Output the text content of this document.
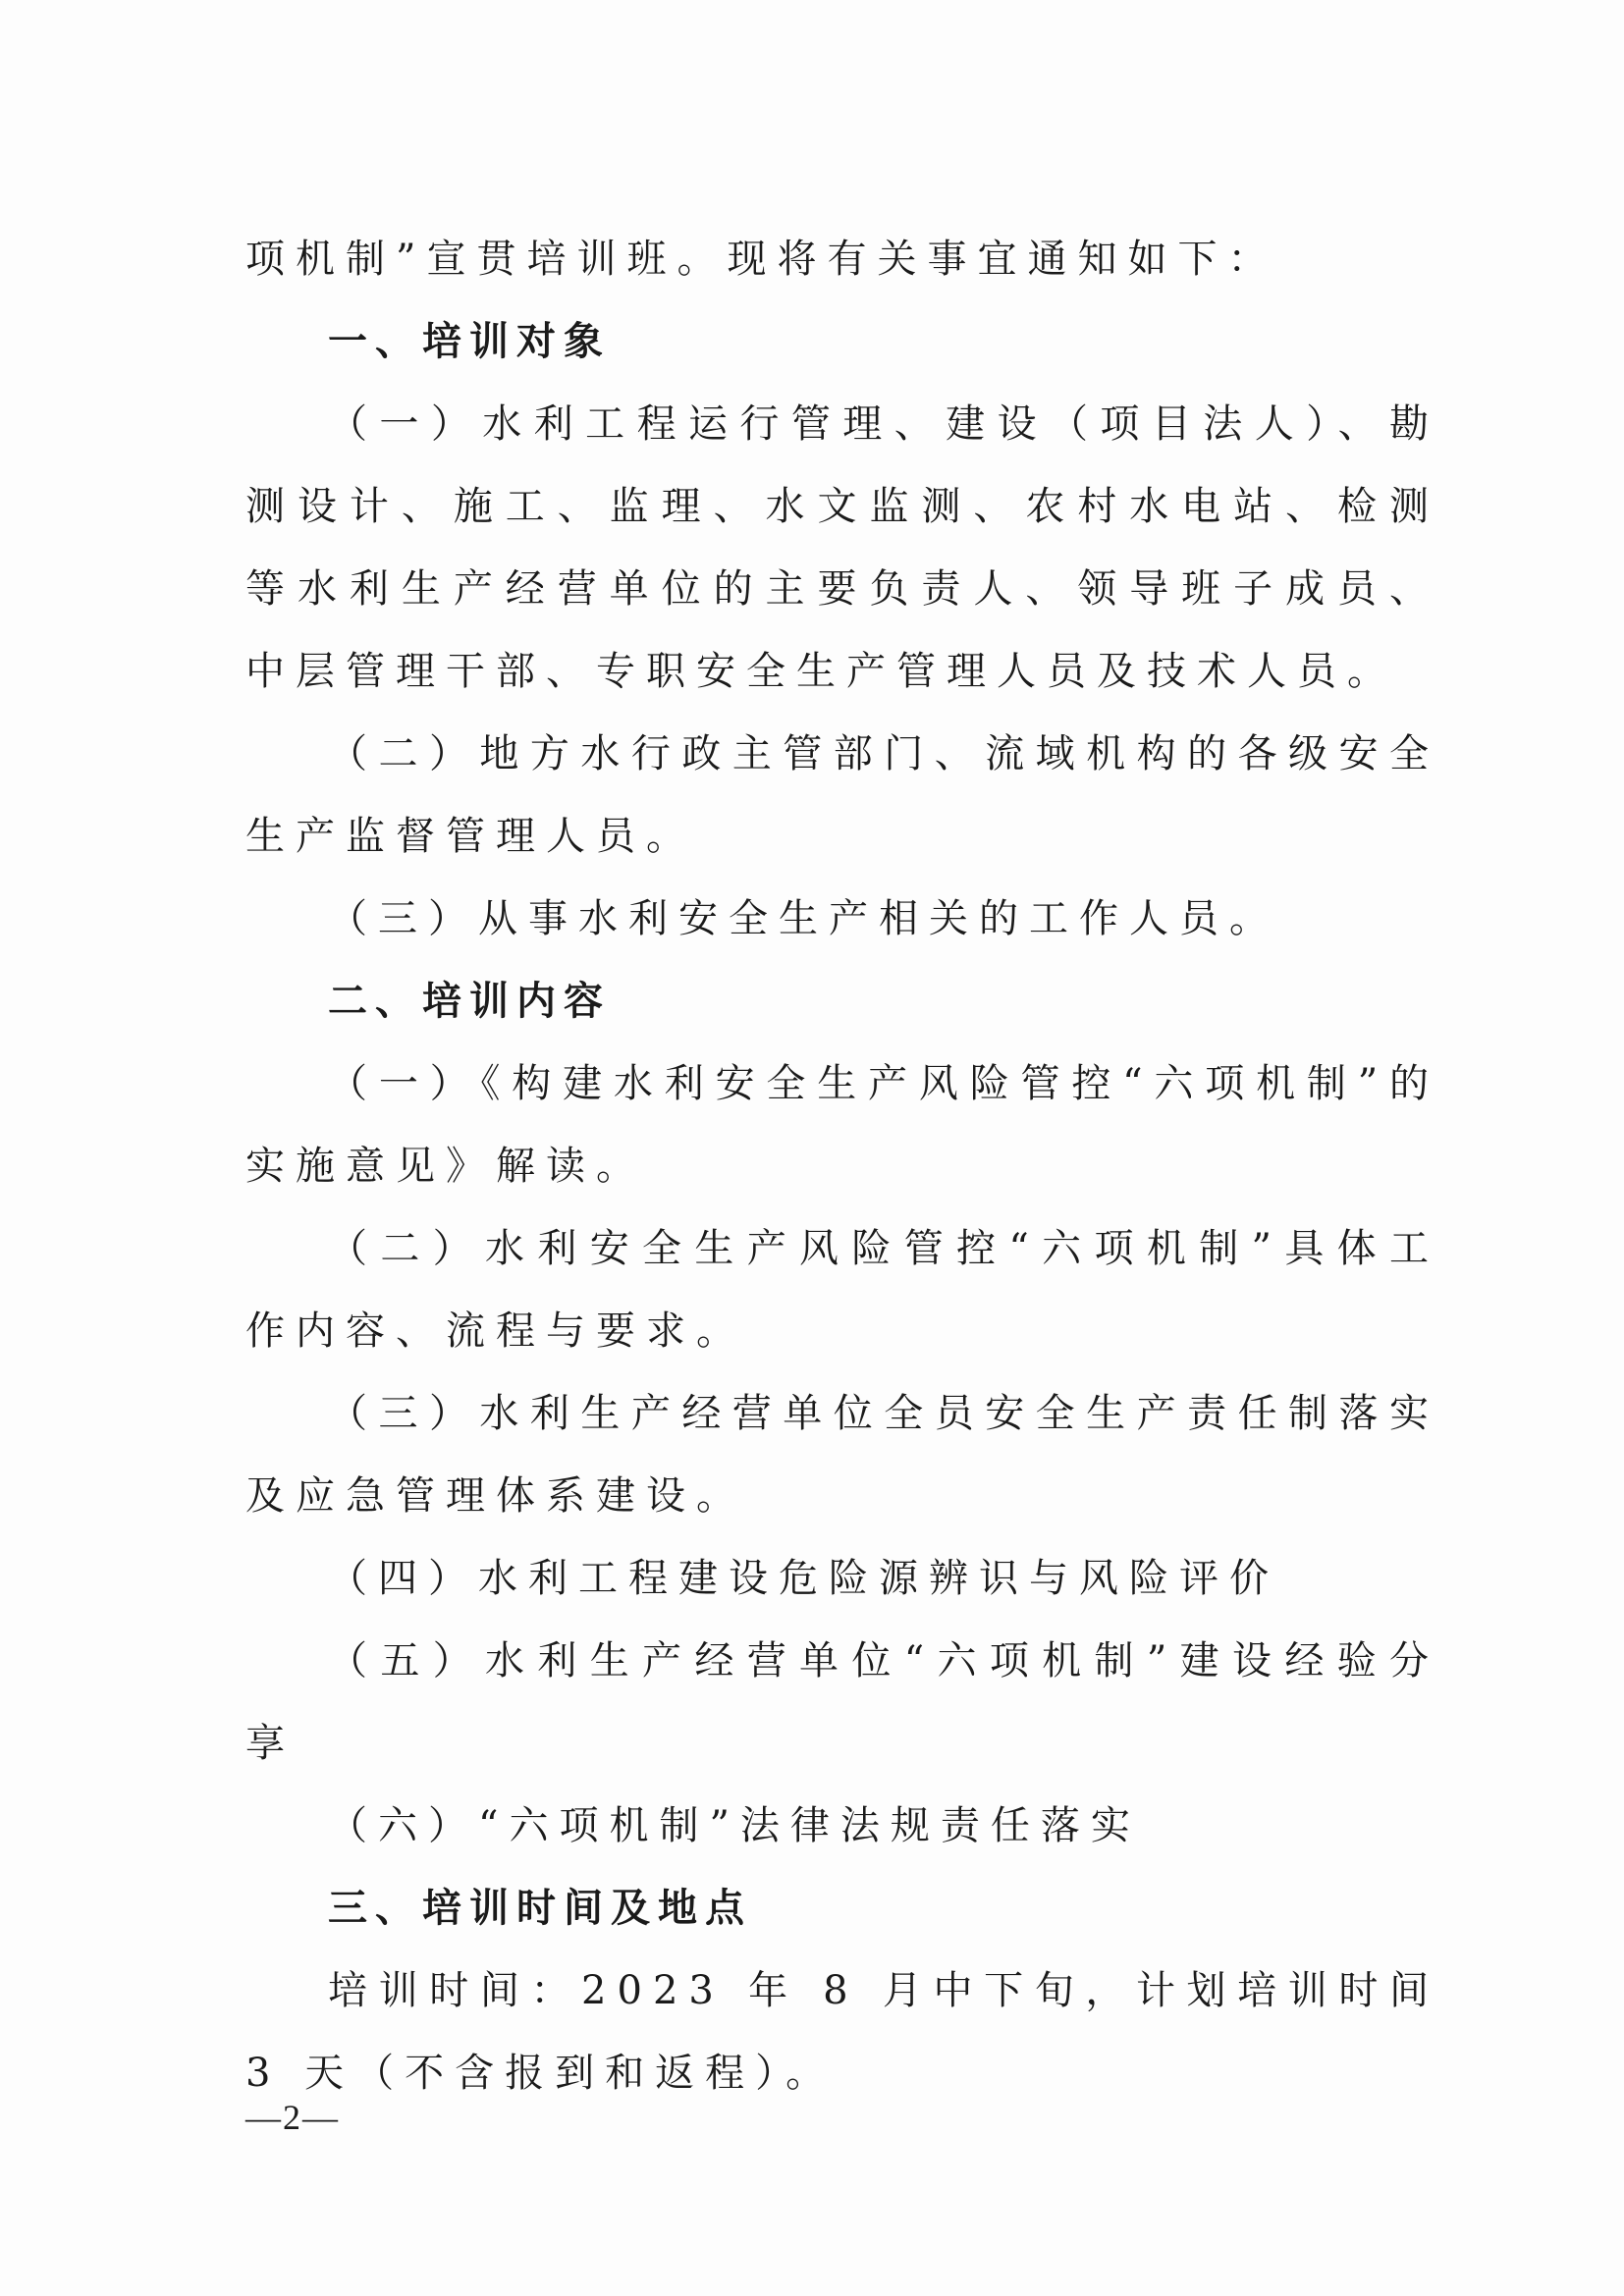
项机制”宣贯培训班。现将有关事宜通知如下：

一、培训对象

（一）水利工程运行管理、建设（项目法人）、勘测设计、施工、监理、水文监测、农村水电站、检测等水利生产经营单位的主要负责人、领导班子成员、中层管理干部、专职安全生产管理人员及技术人员。

（二）地方水行政主管部门、流域机构的各级安全生产监督管理人员。

（三）从事水利安全生产相关的工作人员。

二、培训内容

（一）《构建水利安全生产风险管控“六项机制”的实施意见》解读。

（二）水利安全生产风险管控“六项机制”具体工作内容、流程与要求。

（三）水利生产经营单位全员安全生产责任制落实及应急管理体系建设。

（四）水利工程建设危险源辨识与风险评价

（五）水利生产经营单位“六项机制”建设经验分享

（六）“六项机制”法律法规责任落实

三、培训时间及地点

培训时间：2023 年 8 月中下旬，计划培训时间 3 天（不含报到和返程）。

—2—
